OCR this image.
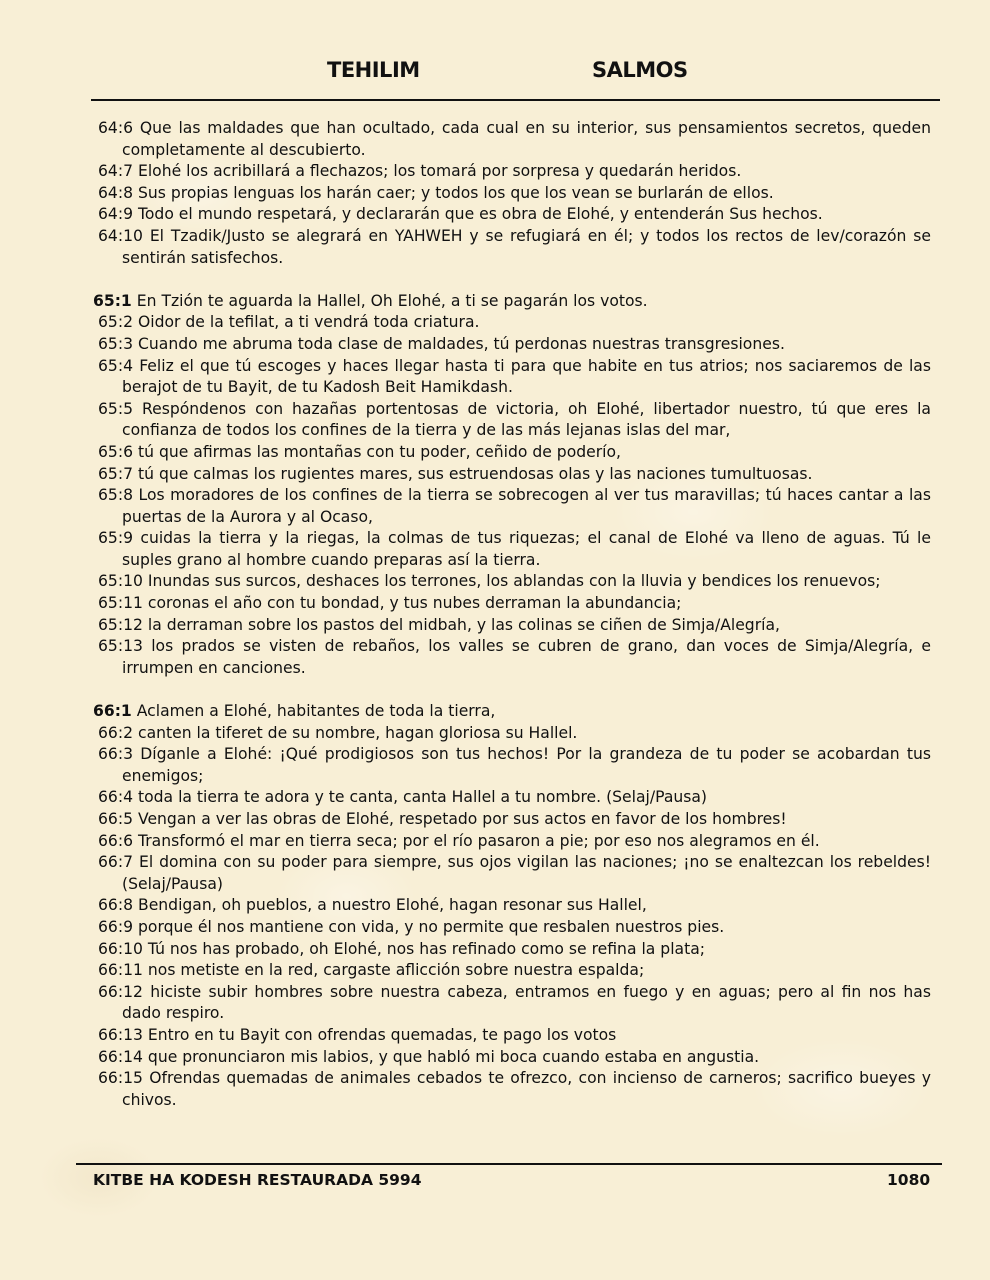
TEHILIM	SALMOS
64:6 Que las maldades que han ocultado, cada cual en su interior, sus pensamientos secretos, queden completamente al descubierto.
64:7 Elohé los acribillará a flechazos; los tomará por sorpresa y quedarán heridos.
64:8 Sus propias lenguas los harán caer; y todos los que los vean se burlarán de ellos.
64:9 Todo el mundo respetará, y declararán que es obra de Elohé, y entenderán Sus hechos.
64:10 El Tzadik/Justo se alegrará en YAHWEH y se refugiará en él; y todos los rectos de lev/corazón se sentirán satisfechos.
65:1 En Tzión te aguarda la Hallel, Oh Elohé, a ti se pagarán los votos.
65:2 Oidor de la tefilat, a ti vendrá toda criatura.
65:3 Cuando me abruma toda clase de maldades, tú perdonas nuestras transgresiones.
65:4 Feliz el que tú escoges y haces llegar hasta ti para que habite en tus atrios; nos saciaremos de las berajot de tu Bayit, de tu Kadosh Beit Hamikdash.
65:5 Respóndenos con hazañas portentosas de victoria, oh Elohé, libertador nuestro, tú que eres la confianza de todos los confines de la tierra y de las más lejanas islas del mar,
65:6 tú que afirmas las montañas con tu poder, ceñido de poderío,
65:7 tú que calmas los rugientes mares, sus estruendosas olas y las naciones tumultuosas.
65:8 Los moradores de los confines de la tierra se sobrecogen al ver tus maravillas; tú haces cantar a las puertas de la Aurora y al Ocaso,
65:9 cuidas la tierra y la riegas, la colmas de tus riquezas; el canal de Elohé va lleno de aguas. Tú le suples grano al hombre cuando preparas así la tierra.
65:10 Inundas sus surcos, deshaces los terrones, los ablandas con la lluvia y bendices los renuevos;
65:11 coronas el año con tu bondad, y tus nubes derraman la abundancia;
65:12 la derraman sobre los pastos del midbah, y las colinas se ciñen de Simja/Alegría,
65:13 los prados se visten de rebaños, los valles se cubren de grano, dan voces de Simja/Alegría, e irrumpen en canciones.
66:1 Aclamen a Elohé, habitantes de toda la tierra,
66:2 canten la tiferet de su nombre, hagan gloriosa su Hallel.
66:3 Díganle a Elohé: ¡Qué prodigiosos son tus hechos! Por la grandeza de tu poder se acobardan tus enemigos;
66:4 toda la tierra te adora y te canta, canta Hallel a tu nombre. (Selaj/Pausa)
66:5 Vengan a ver las obras de Elohé, respetado por sus actos en favor de los hombres!
66:6 Transformó el mar en tierra seca; por el río pasaron a pie; por eso nos alegramos en él.
66:7 El domina con su poder para siempre, sus ojos vigilan las naciones; ¡no se enaltezcan los rebeldes! (Selaj/Pausa)
66:8 Bendigan, oh pueblos, a nuestro Elohé, hagan resonar sus Hallel,
66:9 porque él nos mantiene con vida, y no permite que resbalen nuestros pies.
66:10 Tú nos has probado, oh Elohé, nos has refinado como se refina la plata;
66:11 nos metiste en la red, cargaste aflicción sobre nuestra espalda;
66:12 hiciste subir hombres sobre nuestra cabeza, entramos en fuego y en aguas; pero al fin nos has dado respiro.
66:13 Entro en tu Bayit con ofrendas quemadas, te pago los votos
66:14 que pronunciaron mis labios, y que habló mi boca cuando estaba en angustia.
66:15 Ofrendas quemadas de animales cebados te ofrezco, con incienso de carneros; sacrifico bueyes y chivos.
KITBE HA KODESH RESTAURADA 5994	1080
